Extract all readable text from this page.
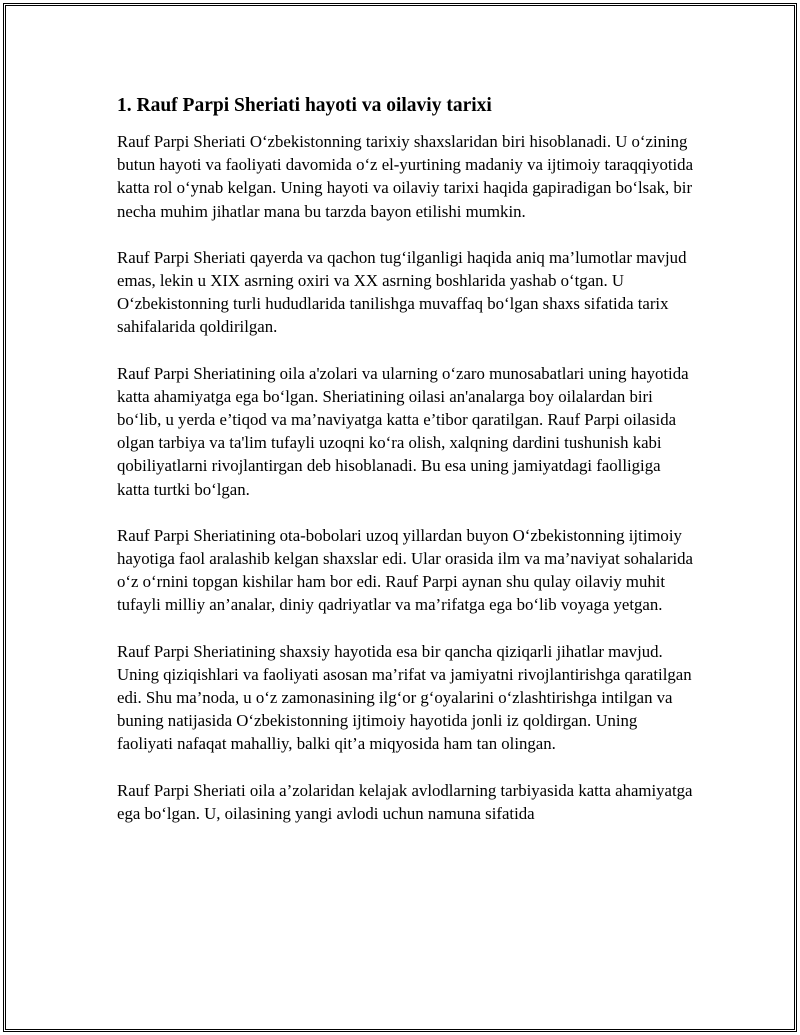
1. Rauf Parpi Sheriati hayoti va oilaviy tarixi

Rauf Parpi Sheriati O‘zbekistonning tarixiy shaxslaridan biri hisoblanadi. U o‘zining butun hayoti va faoliyati davomida o‘z el-yurtining madaniy va ijtimoiy taraqqiyotida katta rol o‘ynab kelgan. Uning hayoti va oilaviy tarixi haqida gapiradigan bo‘lsak, bir necha muhim jihatlar mana bu tarzda bayon etilishi mumkin.

Rauf Parpi Sheriati qayerda va qachon tug‘ilganligi haqida aniq ma’lumotlar mavjud emas, lekin u XIX asrning oxiri va XX asrning boshlarida yashab o‘tgan. U O‘zbekistonning turli hududlarida tanilishga muvaffaq bo‘lgan shaxs sifatida tarix sahifalarida qoldirilgan.

Rauf Parpi Sheriatining oila a'zolari va ularning o‘zaro munosabatlari uning hayotida katta ahamiyatga ega bo‘lgan. Sheriatining oilasi an'analarga boy oilalardan biri bo‘lib, u yerda e’tiqod va ma’naviyatga katta e’tibor qaratilgan. Rauf Parpi oilasida olgan tarbiya va ta'lim tufayli uzoqni ko‘ra olish, xalqning dardini tushunish kabi qobiliyatlarni rivojlantirgan deb hisoblanadi. Bu esa uning jamiyatdagi faolligiga katta turtki bo‘lgan.

Rauf Parpi Sheriatining ota-bobolari uzoq yillardan buyon O‘zbekistonning ijtimoiy hayotiga faol aralashib kelgan shaxslar edi. Ular orasida ilm va ma’naviyat sohalarida o‘z o‘rnini topgan kishilar ham bor edi. Rauf Parpi aynan shu qulay oilaviy muhit tufayli milliy an’analar, diniy qadriyatlar va ma’rifatga ega bo‘lib voyaga yetgan.

Rauf Parpi Sheriatining shaxsiy hayotida esa bir qancha qiziqarli jihatlar mavjud. Uning qiziqishlari va faoliyati asosan ma’rifat va jamiyatni rivojlantirishga qaratilgan edi. Shu ma’noda, u o‘z zamonasining ilg‘or g‘oyalarini o‘zlashtirishga intilgan va buning natijasida O‘zbekistonning ijtimoiy hayotida jonli iz qoldirgan. Uning faoliyati nafaqat mahalliy, balki qit’a miqyosida ham tan olingan.

Rauf Parpi Sheriati oila a’zolaridan kelajak avlodlarning tarbiyasida katta ahamiyatga ega bo‘lgan. U, oilasining yangi avlodi uchun namuna sifatida
